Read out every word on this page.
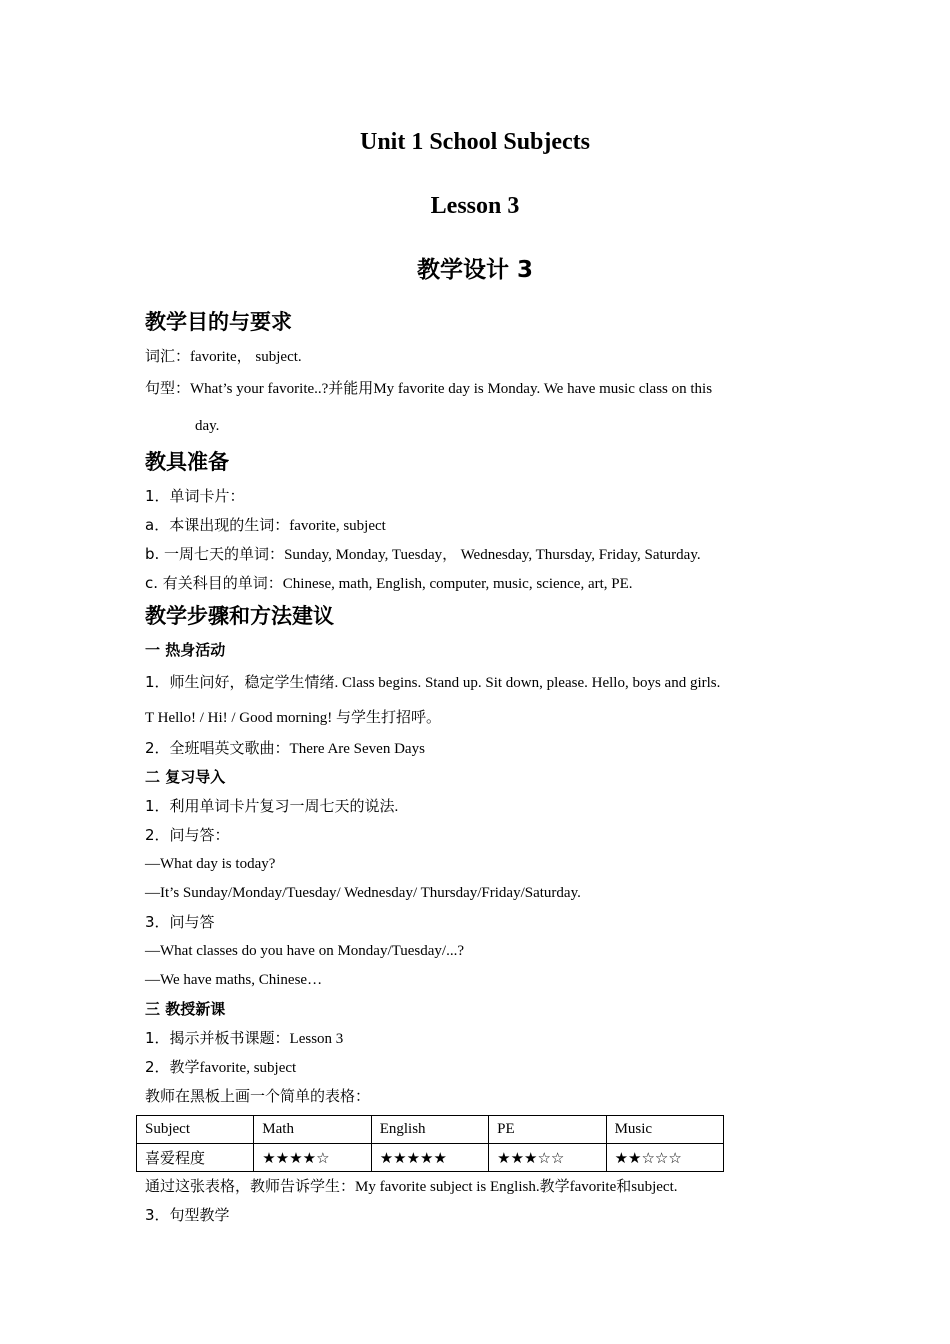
Unit 1 School Subjects
Lesson 3
教学设计 3
教学目的与要求
词汇：favorite， subject.
句型：What’s your favorite..?并能用My favorite day is Monday. We have music class on this
day.
教具准备
1．单词卡片：
a．本课出现的生词：favorite, subject
b. 一周七天的单词：Sunday, Monday, Tuesday， Wednesday, Thursday, Friday, Saturday.
c. 有关科目的单词：Chinese, math, English, computer, music, science, art, PE.
教学步骤和方法建议
一 热身活动
1．师生问好，稳定学生情绪. Class begins. Stand up. Sit down, please. Hello, boys and girls.
T Hello! / Hi! / Good morning! 与学生打招呼。
2．全班唱英文歌曲：There Are Seven Days
二 复习导入
1．利用单词卡片复习一周七天的说法.
2．问与答：
—What day is today?
—It’s Sunday/Monday/Tuesday/ Wednesday/ Thursday/Friday/Saturday.
3．问与答
—What classes do you have on Monday/Tuesday/...?
—We have maths, Chinese…
三 教授新课
1．揭示并板书课题：Lesson 3
2．教学favorite, subject
教师在黑板上画一个简单的表格：
Subject	Math	English	PE	Music
喜爱程度	★★★★☆	★★★★★	★★★☆☆	★★☆☆☆
通过这张表格，教师告诉学生：My favorite subject is English.教学favorite和subject.
3．句型教学
